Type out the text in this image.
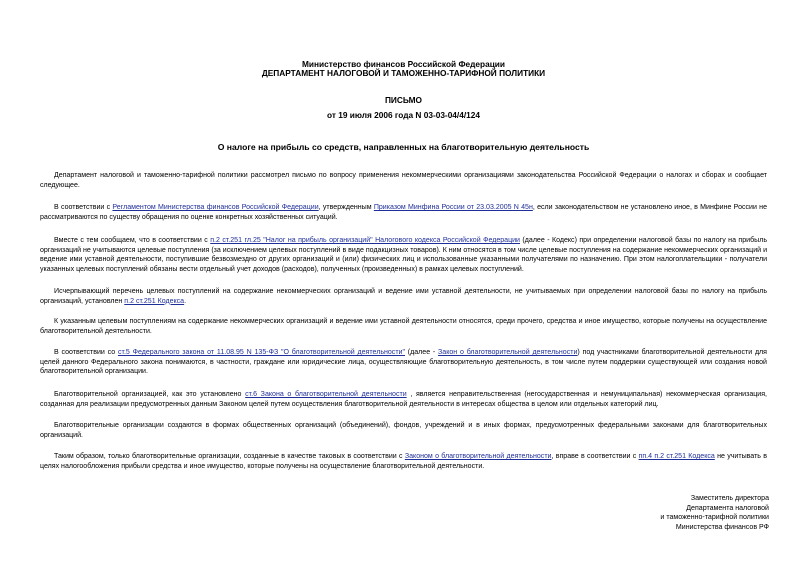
Министерство финансов Российской Федерации
ДЕПАРТАМЕНТ НАЛОГОВОЙ И ТАМОЖЕННО-ТАРИФНОЙ ПОЛИТИКИ
ПИСЬМО
от 19 июля 2006 года N 03-03-04/4/124
О налоге на прибыль со средств, направленных на благотворительную деятельность

Департамент налоговой и таможенно-тарифной политики рассмотрел письмо по вопросу применения некоммерческими организациями законодательства Российской Федерации о налогах и сборах и сообщает следующее.

В соответствии с Регламентом Министерства финансов Российской Федерации, утвержденным Приказом Минфина России от 23.03.2005 N 45н, если законодательством не установлено иное, в Минфине России не рассматриваются по существу обращения по оценке конкретных хозяйственных ситуаций.

Вместе с тем сообщаем, что в соответствии с п.2 ст.251 гл.25 "Налог на прибыль организаций" Налогового кодекса Российской Федерации (далее - Кодекс) при определении налоговой базы по налогу на прибыль организаций не учитываются целевые поступления (за исключением целевых поступлений в виде подакцизных товаров). К ним относятся в том числе целевые поступления на содержание некоммерческих организаций и ведение ими уставной деятельности, поступившие безвозмездно от других организаций и (или) физических лиц и использованные указанными получателями по назначению. При этом налогоплательщики - получатели указанных целевых поступлений обязаны вести отдельный учет доходов (расходов), полученных (произведенных) в рамках целевых поступлений.

Исчерпывающий перечень целевых поступлений на содержание некоммерческих организаций и ведение ими уставной деятельности, не учитываемых при определении налоговой базы по налогу на прибыль организаций, установлен п.2 ст.251 Кодекса.

К указанным целевым поступлениям на содержание некоммерческих организаций и ведение ими уставной деятельности относятся, среди прочего, средства и иное имущество, которые получены на осуществление благотворительной деятельности.

В соответствии со ст.5 Федерального закона от 11.08.95 N 135-ФЗ "О благотворительной деятельности" (далее - Закон о благотворительной деятельности) под участниками благотворительной деятельности для целей данного Федерального закона понимаются, в частности, граждане или юридические лица, осуществляющие благотворительную деятельность, в том числе путем поддержки существующей или создания новой благотворительной организации.

Благотворительной организацией, как это установлено ст.6 Закона о благотворительной деятельности , является неправительственная (негосударственная и немуниципальная) некоммерческая организация, созданная для реализации предусмотренных данным Законом целей путем осуществления благотворительной деятельности в интересах общества в целом или отдельных категорий лиц.

Благотворительные организации создаются в формах общественных организаций (объединений), фондов, учреждений и в иных формах, предусмотренных федеральными законами для благотворительных организаций.

Таким образом, только благотворительные организации, созданные в качестве таковых в соответствии с Законом о благотворительной деятельности, вправе в соответствии с пп.4 п.2 ст.251 Кодекса не учитывать в целях налогообложения прибыли средства и иное имущество, которые получены на осуществление благотворительной деятельности.

Заместитель директора
Департамента налоговой
и таможенно-тарифной политики
Министерства финансов РФ
